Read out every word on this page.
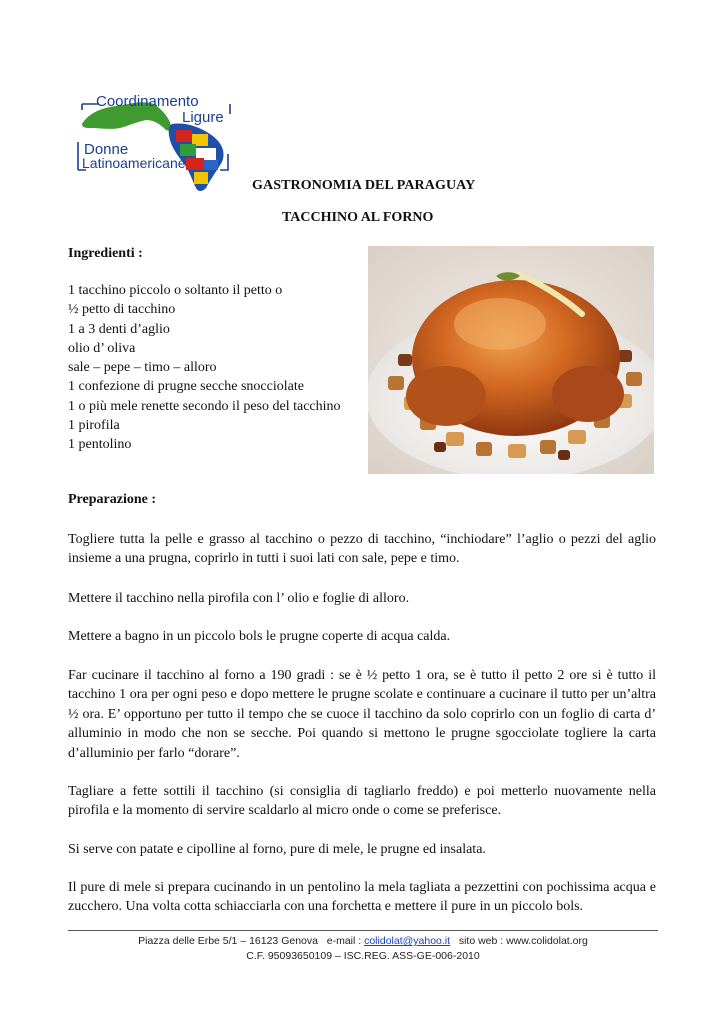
Coordinamento
Ligure
Donne
Latinoamericane
GASTRONOMIA DEL PARAGUAY
TACCHINO AL FORNO
Ingredienti :
1 tacchino piccolo o soltanto il petto o
½ petto di tacchino
1 a 3 denti d’aglio
olio d’ oliva
sale – pepe – timo – alloro
1 confezione di prugne secche snocciolate
1 o più mele renette secondo il peso del tacchino
1 pirofila
1 pentolino
Preparazione :

Togliere tutta la pelle e grasso al tacchino o pezzo di tacchino, “inchiodare” l’aglio o pezzi del aglio insieme a una prugna, coprirlo in tutti i suoi lati con sale, pepe e timo.

Mettere il tacchino nella pirofila con l’ olio e foglie di alloro.

Mettere a bagno in un piccolo bols le prugne coperte di acqua calda.

Far cucinare il tacchino al forno a 190 gradi : se è ½ petto 1 ora, se è tutto il petto 2 ore si è tutto il tacchino 1 ora per ogni peso e dopo mettere le prugne scolate e continuare a cucinare il tutto per un’altra ½ ora. E’ opportuno per tutto il tempo che se cuoce il tacchino da solo coprirlo con un foglio di carta d’ alluminio in modo che non se secche. Poi quando si mettono le prugne sgocciolate togliere la carta d’alluminio per farlo “dorare”.

Tagliare a fette sottili il tacchino (si consiglia di tagliarlo freddo) e poi metterlo nuovamente nella pirofila e la momento di servire scaldarlo al micro onde o come se preferisce.

Si serve con patate e cipolline al forno, pure di mele, le prugne ed insalata.

Il pure di mele si prepara cucinando in un pentolino la mela tagliata a pezzettini con pochissima acqua e zucchero. Una volta cotta schiacciarla con una forchetta e mettere il pure in un piccolo bols.

Piazza delle Erbe 5/1 – 16123 Genova e-mail : colidolat@yahoo.it sito web : www.colidolat.org
C.F. 95093650109 – ISC.REG. ASS-GE-006-2010
